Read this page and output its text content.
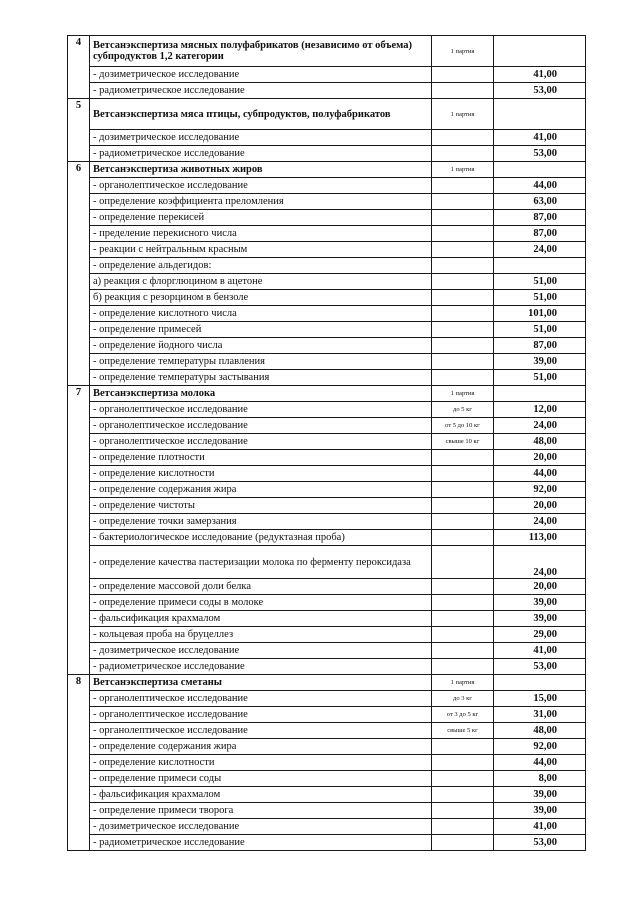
4	Ветсанэкспертиза мясных полуфабрикатов (независимо от объема) субпродуктов 1,2 категории	1 партия	
	- дозиметрическое исследование		41,00
	- радиометрическое исследование		53,00
5	Ветсанэкспертиза мяса птицы, субпродуктов, полуфабрикатов	1 партия	
	- дозиметрическое исследование		41,00
	- радиометрическое исследование		53,00
6	Ветсанэкспертиза животных жиров	1 партия	
	- органолептическое исследование		44,00
	- определение коэффициента преломления		63,00
	- определение перекисей		87,00
	- пределение перекисного числа		87,00
	- реакции с нейтральным красным		24,00
	- определение альдегидов:		
	а) реакция с флорглюцином в ацетоне		51,00
	б) реакция с резорцином в бензоле		51,00
	- определение кислотного числа		101,00
	- определение примесей		51,00
	- определение йодного числа		87,00
	- определение температуры плавления		39,00
	- определение температуры застывания		51,00
7	Ветсанэкспертиза молока	1 партия	
	- органолептическое исследование	до 5 кг	12,00
	- органолептическое исследование	от 5 до 10 кг	24,00
	- органолептическое исследование	свыше 10 кг	48,00
	- определение плотности		20,00
	- определение кислотности		44,00
	- определение содержания жира		92,00
	- определение чистоты		20,00
	- определение точки замерзания		24,00
	- бактериологическое исследование (редуктазная проба)		113,00
	- определение качества пастеризации молока по ферменту пероксидаза		24,00
	- определение массовой доли белка		20,00
	- определение примеси соды в молоке		39,00
	- фальсификация крахмалом		39,00
	- кольцевая проба на бруцеллез		29,00
	- дозиметрическое исследование		41,00
	- радиометрическое исследование		53,00
8	Ветсанэкспертиза сметаны	1 партия	
	- органолептическое исследование	до 3 кг	15,00
	- органолептическое исследование	от 3 до 5 кг	31,00
	- органолептическое исследование	свыше 5 кг	48,00
	- определение содержания жира		92,00
	- определение кислотности		44,00
	- определение примеси соды		8,00
	- фальсификация крахмалом		39,00
	- определение примеси творога		39,00
	- дозиметрическое исследование		41,00
	- радиометрическое исследование		53,00
